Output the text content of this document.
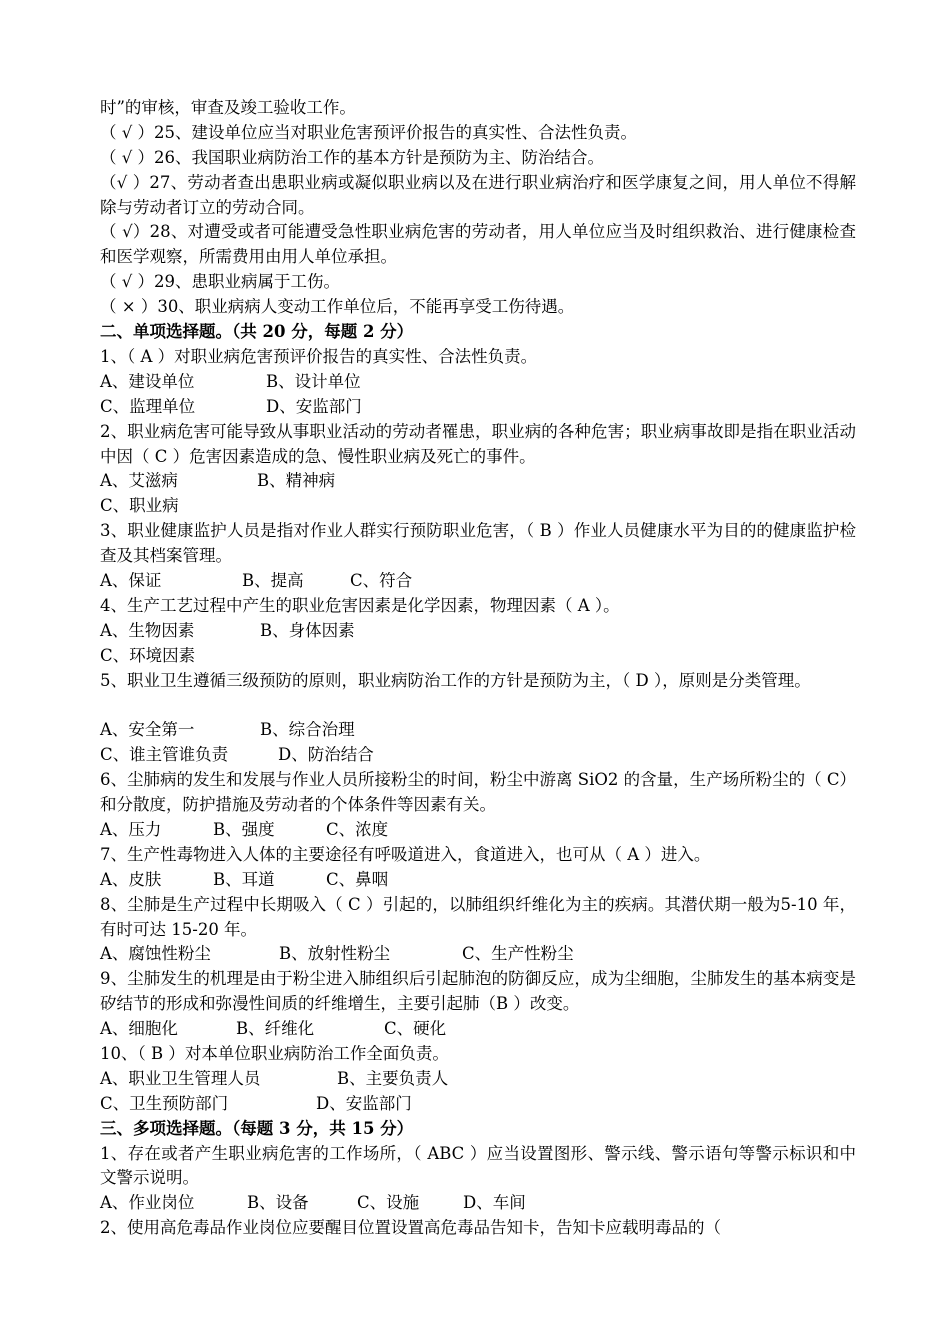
时”的审核，审查及竣工验收工作。
（ √ ）25、建设单位应当对职业危害预评价报告的真实性、合法性负责。
（ √ ）26、我国职业病防治工作的基本方针是预防为主、防治结合。
（√ ）27、劳动者查出患职业病或凝似职业病以及在进行职业病治疗和医学康复之间，用人单位不得解除与劳动者订立的劳动合同。
（ √）28、对遭受或者可能遭受急性职业病危害的劳动者，用人单位应当及时组织救治、进行健康检查和医学观察，所需费用由用人单位承担。
（ √ ）29、患职业病属于工伤。
（ × ）30、职业病病人变动工作单位后，不能再享受工伤待遇。
二、单项选择题。（共 20 分，每题 2 分）
1、（ A ）对职业病危害预评价报告的真实性、合法性负责。
A、建设单位	B、设计单位
C、监理单位	D、安监部门
2、职业病危害可能导致从事职业活动的劳动者罹患，职业病的各种危害；职业病事故即是指在职业活动中因（ C ）危害因素造成的急、慢性职业病及死亡的事件。
A、艾滋病	B、精神病
C、职业病
3、职业健康监护人员是指对作业人群实行预防职业危害，（ B ）作业人员健康水平为目的的健康监护检查及其档案管理。
A、保证	B、提高	C、符合
4、生产工艺过程中产生的职业危害因素是化学因素，物理因素（ A ）。
A、生物因素	B、身体因素
C、环境因素
5、职业卫生遵循三级预防的原则，职业病防治工作的方针是预防为主，（ D ），原则是分类管理。
A、安全第一	B、综合治理
C、谁主管谁负责	D、防治结合
6、尘肺病的发生和发展与作业人员所接粉尘的时间，粉尘中游离 SiO2 的含量，生产场所粉尘的（ C）和分散度，防护措施及劳动者的个体条件等因素有关。
A、压力	B、强度	C、浓度
7、生产性毒物进入人体的主要途径有呼吸道进入，食道进入，也可从（ A ）进入。
A、皮肤	B、耳道	C、鼻咽
8、尘肺是生产过程中长期吸入（ C ）引起的，以肺组织纤维化为主的疾病。其潜伏期一般为5-10 年，有时可达 15-20 年。
A、腐蚀性粉尘	B、放射性粉尘	C、生产性粉尘
9、尘肺发生的机理是由于粉尘进入肺组织后引起肺泡的防御反应，成为尘细胞，尘肺发生的基本病变是矽结节的形成和弥漫性间质的纤维增生，主要引起肺（B ）改变。
A、细胞化	B、纤维化	C、硬化
10、（ B ）对本单位职业病防治工作全面负责。
A、职业卫生管理人员	B、主要负责人
C、卫生预防部门	D、安监部门
三、多项选择题。（每题 3 分，共 15 分）
1、存在或者产生职业病危害的工作场所，（ ABC ）应当设置图形、警示线、警示语句等警示标识和中文警示说明。
A、作业岗位	B、设备	C、设施	D、车间
2、使用高危毒品作业岗位应要醒目位置设置高危毒品告知卡，告知卡应载明毒品的（
